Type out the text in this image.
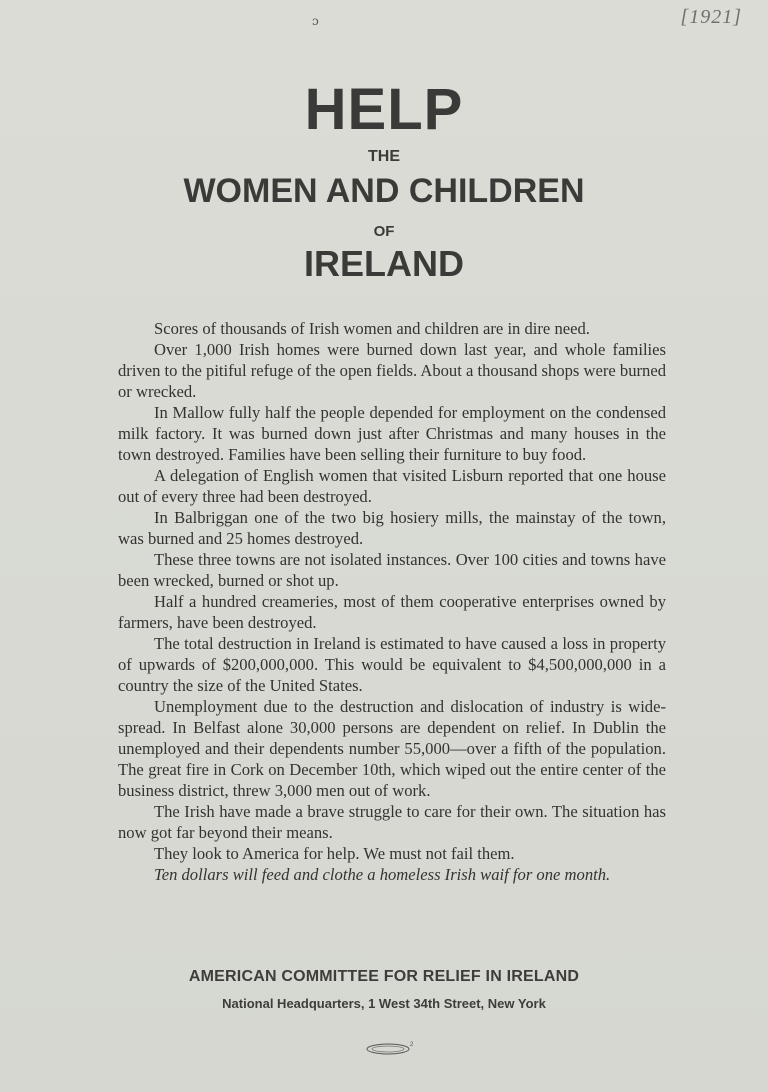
[1921]
ɔ
HELP
THE
WOMEN AND CHILDREN
OF
IRELAND

Scores of thousands of Irish women and children are in dire need.

Over 1,000 Irish homes were burned down last year, and whole families driven to the pitiful refuge of the open fields. About a thousand shops were burned or wrecked.

In Mallow fully half the people depended for employment on the condensed milk factory. It was burned down just after Christmas and many houses in the town destroyed. Families have been selling their furniture to buy food.

A delegation of English women that visited Lisburn reported that one house out of every three had been destroyed.

In Balbriggan one of the two big hosiery mills, the mainstay of the town, was burned and 25 homes destroyed.

These three towns are not isolated instances. Over 100 cities and towns have been wrecked, burned or shot up.

Half a hundred creameries, most of them cooperative enterprises owned by farmers, have been destroyed.

The total destruction in Ireland is estimated to have caused a loss in property of upwards of $200,000,000. This would be equivalent to $4,500,000,000 in a country the size of the United States.

Unemployment due to the destruction and dislocation of industry is wide-spread. In Belfast alone 30,000 persons are dependent on relief. In Dublin the unemployed and their dependents number 55,000—over a fifth of the population. The great fire in Cork on December 10th, which wiped out the entire center of the business district, threw 3,000 men out of work.

The Irish have made a brave struggle to care for their own. The situation has now got far beyond their means.

They look to America for help. We must not fail them.

Ten dollars will feed and clothe a homeless Irish waif for one month.

AMERICAN COMMITTEE FOR RELIEF IN IRELAND
National Headquarters, 1 West 34th Street, New York
2
